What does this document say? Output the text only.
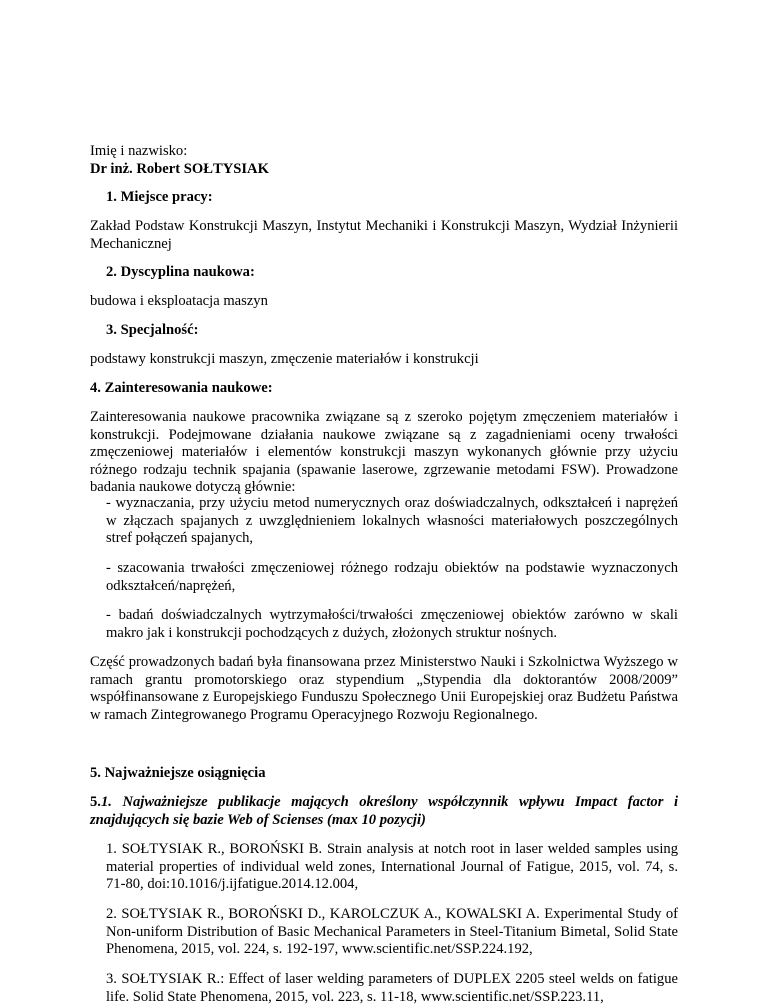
Imię i nazwisko:
Dr inż. Robert SOŁTYSIAK
1. Miejsce pracy:
Zakład Podstaw Konstrukcji Maszyn, Instytut Mechaniki i Konstrukcji Maszyn, Wydział Inżynierii Mechanicznej
2. Dyscyplina naukowa:
budowa i eksploatacja maszyn
3. Specjalność:
podstawy konstrukcji maszyn, zmęczenie materiałów i konstrukcji
4. Zainteresowania naukowe:
Zainteresowania naukowe pracownika związane są z szeroko pojętym zmęczeniem materiałów i konstrukcji. Podejmowane działania naukowe związane są z zagadnieniami oceny trwałości zmęczeniowej materiałów i elementów konstrukcji maszyn wykonanych głównie przy użyciu różnego rodzaju technik spajania (spawanie laserowe, zgrzewanie metodami FSW). Prowadzone badania naukowe dotyczą głównie:
- wyznaczania, przy użyciu metod numerycznych oraz doświadczalnych, odkształceń i naprężeń w złączach spajanych z uwzględnieniem lokalnych własności materiałowych poszczególnych stref połączeń spajanych,
- szacowania trwałości zmęczeniowej różnego rodzaju obiektów na podstawie wyznaczonych odkształceń/naprężeń,
- badań doświadczalnych wytrzymałości/trwałości zmęczeniowej obiektów zarówno w skali makro jak i konstrukcji pochodzących z dużych, złożonych struktur nośnych.
Część prowadzonych badań była finansowana przez Ministerstwo Nauki i Szkolnictwa Wyższego w ramach grantu promotorskiego oraz stypendium „Stypendia dla doktorantów 2008/2009” współfinansowane z Europejskiego Funduszu Społecznego Unii Europejskiej oraz Budżetu Państwa w ramach Zintegrowanego Programu Operacyjnego Rozwoju Regionalnego.
5. Najważniejsze osiągnięcia
5.1. Najważniejsze publikacje mających określony współczynnik wpływu Impact factor i znajdujących się bazie Web of Scienses (max 10 pozycji)
1. SOŁTYSIAK R., BOROŃSKI B. Strain analysis at notch root in laser welded samples using material properties of individual weld zones, International Journal of Fatigue, 2015, vol. 74, s. 71-80, doi:10.1016/j.ijfatigue.2014.12.004,
2. SOŁTYSIAK R., BOROŃSKI D., KAROLCZUK A., KOWALSKI A. Experimental Study of Non-uniform Distribution of Basic Mechanical Parameters in Steel-Titanium Bimetal, Solid State Phenomena, 2015, vol. 224, s. 192-197, www.scientific.net/SSP.224.192,
3. SOŁTYSIAK R.: Effect of laser welding parameters of DUPLEX 2205 steel welds on fatigue life. Solid State Phenomena, 2015, vol. 223, s. 11-18, www.scientific.net/SSP.223.11,
